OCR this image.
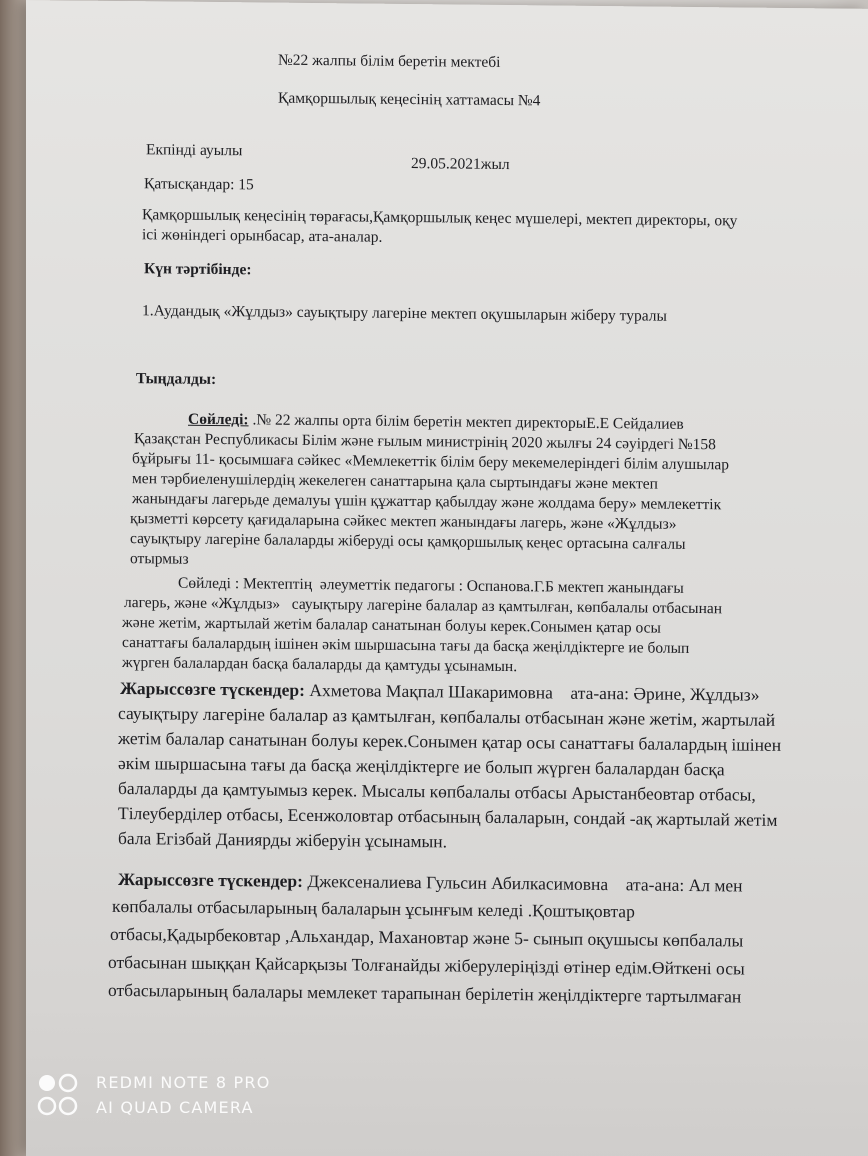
№22 жалпы білім беретін мектебі
Қамқоршылық кеңесінің хаттамасы №4
Екпінді ауылы
29.05.2021жыл
Қатысқандар: 15
Қамқоршылық кеңесінің төрағасы,Қамқоршылық кеңес мүшелері, мектеп директоры, оқу
ісі жөніндегі орынбасар, ата-аналар.
Күн тәртібінде:
1.Аудандық «Жұлдыз» сауықтыру лагеріне мектеп оқушыларын жіберу туралы
Тыңдалды:
Сөйледі: .№ 22 жалпы орта білім беретін мектеп директорыЕ.Е Сейдалиев
Қазақстан Республикасы Білім және ғылым министрінің 2020 жылғы 24 сәуірдегі №158
бұйрығы 11- қосымшаға сәйкес «Мемлекеттік білім беру мекемелеріндегі білім алушылар
мен тәрбиеленушілердің жекелеген санаттарына қала сыртындағы және мектеп
жанындағы лагерьде демалуы үшін құжаттар қабылдау және жолдама беру» мемлекеттік
қызметті көрсету қағидаларына сәйкес мектеп жанындағы лагерь, және «Жұлдыз»
сауықтыру лагеріне балаларды жіберуді осы қамқоршылық кеңес ортасына салғалы
отырмыз
Сөйледі : Мектептің  әлеуметтік педагогы : Оспанова.Г.Б мектеп жанындағы
лагерь, және «Жұлдыз»   сауықтыру лагеріне балалар аз қамтылған, көпбалалы отбасынан
және жетім, жартылай жетім балалар санатынан болуы керек.Сонымен қатар осы
санаттағы балалардың ішінен әкім шыршасына тағы да басқа жеңілдіктерге ие болып
жүрген балалардан басқа балаларды да қамтуды ұсынамын.
Жарыссөзге түскендер: Ахметова Мақпал Шакаримовна    ата-ана: Әрине, Жұлдыз»
сауықтыру лагеріне балалар аз қамтылған, көпбалалы отбасынан және жетім, жартылай
жетім балалар санатынан болуы керек.Сонымен қатар осы санаттағы балалардың ішінен
әкім шыршасына тағы да басқа жеңілдіктерге ие болып жүрген балалардан басқа
балаларды да қамтуымыз керек. Мысалы көпбалалы отбасы Арыстанбеовтар отбасы,
Тілеуберділер отбасы, Есенжоловтар отбасының балаларын, сондай -ақ жартылай жетім
бала Егізбай Даниярды жіберуін ұсынамын.
Жарыссөзге түскендер: Джексеналиева Гульсин Абилкасимовна    ата-ана: Ал мен
көпбалалы отбасыларының балаларын ұсынғым келеді .Қоштықовтар
отбасы,Қадырбековтар ,Альхандар, Махановтар және 5- сынып оқушысы көпбалалы
отбасынан шыққан Қайсарқызы Толғанайды жіберулеріңізді өтінер едім.Өйткені осы
отбасыларының балалары мемлекет тарапынан берілетін жеңілдіктерге тартылмаған
REDMI NOTE 8 PRO
AI QUAD CAMERA
